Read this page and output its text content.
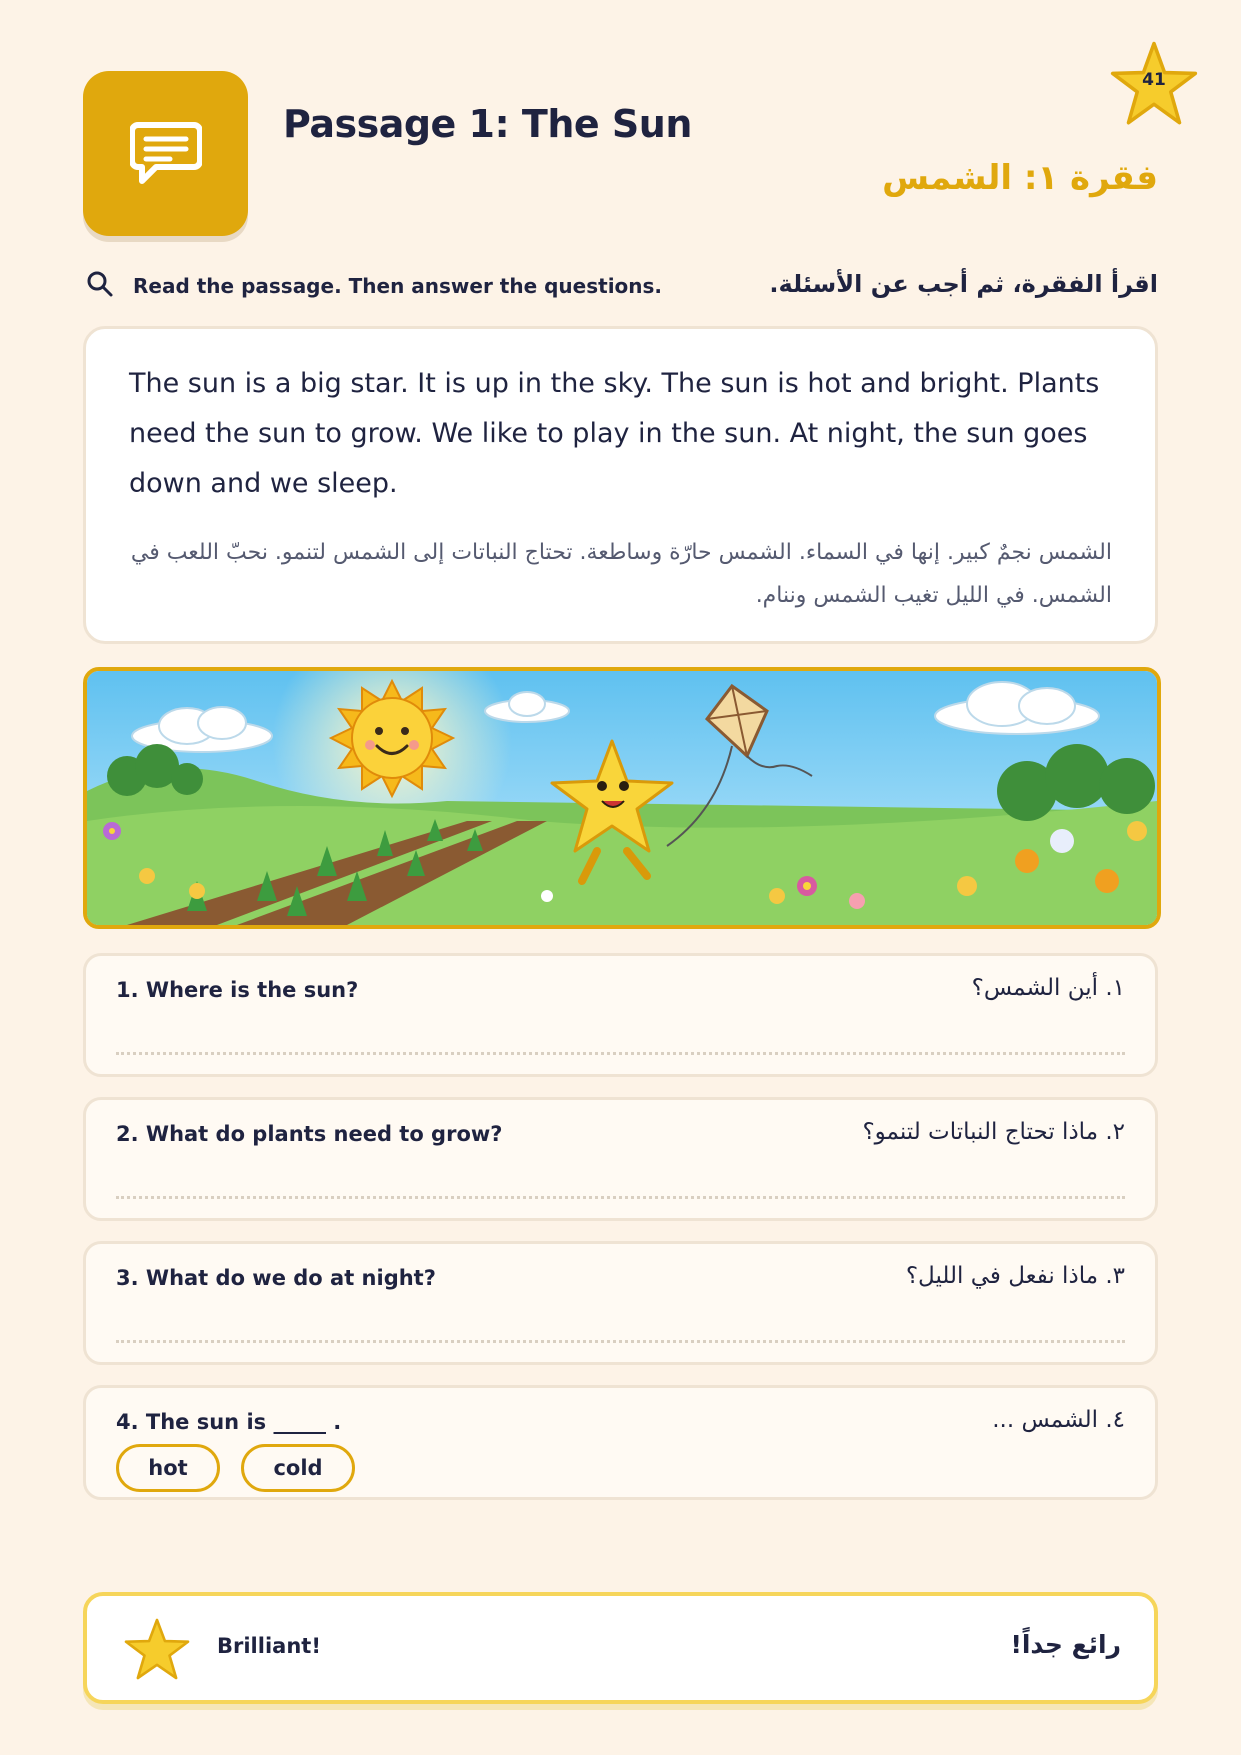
Passage 1: The Sun
فقرة ١: الشمس
41
Read the passage. Then answer the questions.	اقرأ الفقرة، ثم أجب عن الأسئلة.

The sun is a big star. It is up in the sky. The sun is hot and bright. Plants need the sun to grow. We like to play in the sun. At night, the sun goes down and we sleep.

الشمس نجمٌ كبير. إنها في السماء. الشمس حارّة وساطعة. تحتاج النباتات إلى الشمس لتنمو. نحبّ اللعب في الشمس. في الليل تغيب الشمس وننام.

1. Where is the sun?	١. أين الشمس؟
2. What do plants need to grow?	٢. ماذا تحتاج النباتات لتنمو؟
3. What do we do at night?	٣. ماذا نفعل في الليل؟
4. The sun is _____ .	٤. الشمس ...
hot	cold
Brilliant!	رائع جداً!
